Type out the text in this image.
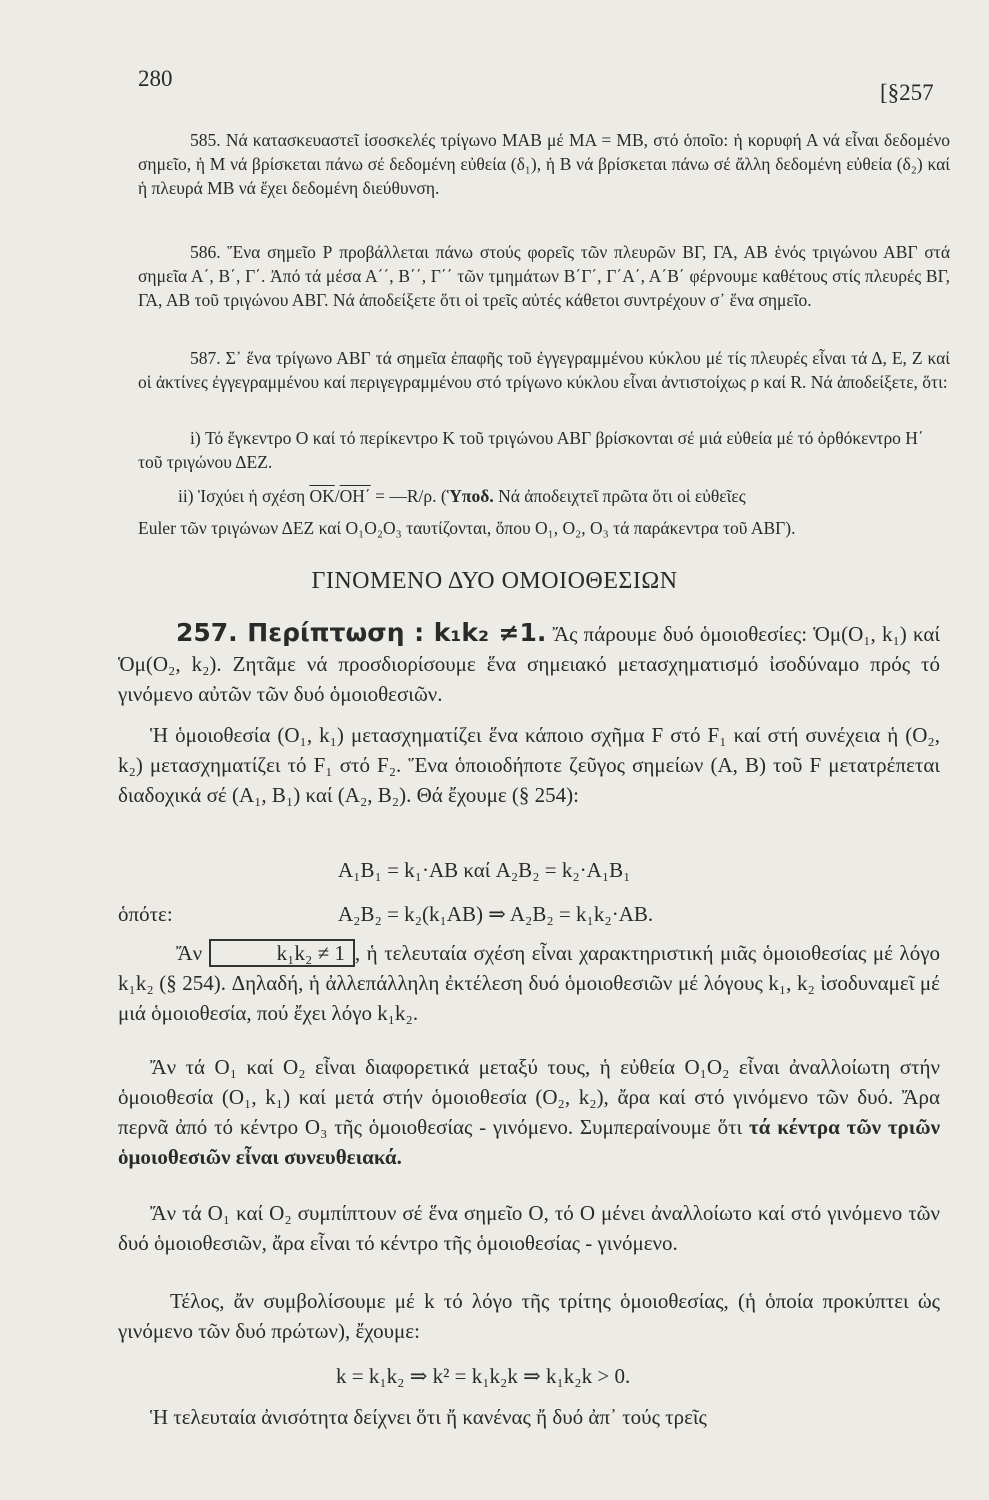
280
[§257
585. Νά κατασκευαστεῖ ἰσοσκελές τρίγωνο ΜΑΒ μέ ΜΑ = ΜΒ, στό ὁποῖο: ἡ κορυφή Α νά εἶναι δεδομένο σημεῖο, ἡ Μ νά βρίσκεται πάνω σέ δεδομένη εὐθεία (δ₁), ἡ Β νά βρίσκεται πάνω σέ ἄλλη δεδομένη εὐθεία (δ₂) καί ἡ πλευρά ΜΒ νά ἔχει δεδομένη διεύθυνση.
586. Ἕνα σημεῖο Ρ προβάλλεται πάνω στούς φορεῖς τῶν πλευρῶν ΒΓ, ΓΑ, ΑΒ ἑνός τριγώνου ΑΒΓ στά σημεῖα Α΄, Β΄, Γ΄. Ἀπό τά μέσα Α΄΄, Β΄΄, Γ΄΄ τῶν τμημάτων Β΄Γ΄, Γ΄Α΄, Α΄Β΄ φέρνουμε καθέτους στίς πλευρές ΒΓ, ΓΑ, ΑΒ τοῦ τριγώνου ΑΒΓ. Νά ἀποδείξετε ὅτι οἱ τρεῖς αὐτές κάθετοι συντρέχουν σ᾽ ἕνα σημεῖο.
587. Σ᾽ ἕνα τρίγωνο ΑΒΓ τά σημεῖα ἐπαφῆς τοῦ ἐγγεγραμμένου κύκλου μέ τίς πλευρές εἶναι τά Δ, Ε, Ζ καί οἱ ἀκτίνες ἐγγεγραμμένου καί περιγεγραμμένου στό τρίγωνο κύκλου εἶναι ἀντιστοίχως ρ καί R. Νά ἀποδείξετε, ὅτι:
i) Τό ἔγκεντρο Ο καί τό περίκεντρο Κ τοῦ τριγώνου ΑΒΓ βρίσκονται σέ μιά εὐθεία μέ τό ὀρθόκεντρο Η΄ τοῦ τριγώνου ΔΕΖ.
ii) Ἰσχύει ἡ σχέση $\overline{OK}/\overline{OH΄}$ = —R/ρ. (Ὑποδ. Νά ἀποδειχτεῖ πρῶτα ὅτι οἱ εὐθεῖες
Euler τῶν τριγώνων ΔΕΖ καί O₁O₂O₃ ταυτίζονται, ὅπου O₁, O₂, O₃ τά παράκεντρα τοῦ ΑΒΓ).
ΓΙΝΟΜΕΝΟ ΔΥΟ ΟΜΟΙΟΘΕΣΙΩΝ
257. Περίπτωση : k₁k₂ ≠1. Ἄς πάρουμε δυό ὁμοιοθεσίες: Ὁμ(Ο₁, k₁) καί Ὁμ(Ο₂, k₂). Ζητᾶμε νά προσδιορίσουμε ἕνα σημειακό μετασχηματισμό ἰσοδύναμο πρός τό γινόμενο αὐτῶν τῶν δυό ὁμοιοθεσιῶν.
Ἡ ὁμοιοθεσία (Ο₁, k₁) μετασχηματίζει ἕνα κάποιο σχῆμα F στό F₁ καί στή συνέχεια ἡ (Ο₂, k₂) μετασχηματίζει τό F₁ στό F₂. Ἕνα ὁποιοδήποτε ζεῦγος σημείων (Α, Β) τοῦ F μετατρέπεται διαδοχικά σέ (Α₁, Β₁) καί (Α₂, Β₂). Θά ἔχουμε (§ 254):
A₁B₁ = k₁·AB καί A₂B₂ = k₂·A₁B₁
ὁπότε:	A₂B₂ = k₂(k₁AB) ⇒ A₂B₂ = k₁k₂·AB.
Ἄν	k₁k₂ ≠ 1 , ἡ τελευταία σχέση εἶναι χαρακτηριστική μιᾶς ὁμοιοθεσίας μέ λόγο k₁k₂ (§ 254). Δηλαδή, ἡ ἀλλεπάλληλη ἐκτέλεση δυό ὁμοιοθεσιῶν μέ λόγους k₁, k₂ ἰσοδυναμεῖ μέ μιά ὁμοιοθεσία, πού ἔχει λόγο k₁k₂.
Ἄν τά Ο₁ καί Ο₂ εἶναι διαφορετικά μεταξύ τους, ἡ εὐθεία Ο₁Ο₂ εἶναι ἀναλλοίωτη στήν ὁμοιοθεσία (Ο₁, k₁) καί μετά στήν ὁμοιοθεσία (Ο₂, k₂), ἄρα καί στό γινόμενο τῶν δυό. Ἄρα περνᾶ ἀπό τό κέντρο Ο₃ τῆς ὁμοιοθεσίας - γινόμενο. Συμπεραίνουμε ὅτι τά κέντρα τῶν τριῶν ὁμοιοθεσιῶν εἶναι συνευθειακά.
Ἄν τά Ο₁ καί Ο₂ συμπίπτουν σέ ἕνα σημεῖο Ο, τό Ο μένει ἀναλλοίωτο καί στό γινόμενο τῶν δυό ὁμοιοθεσιῶν, ἄρα εἶναι τό κέντρο τῆς ὁμοιοθεσίας - γινόμενο.
Τέλος, ἄν συμβολίσουμε μέ k τό λόγο τῆς τρίτης ὁμοιοθεσίας, (ἡ ὁποία προκύπτει ὡς γινόμενο τῶν δυό πρώτων), ἔχουμε:
k = k₁k₂ ⇒ k² = k₁k₂k ⇒ k₁k₂k > 0.
Ἡ τελευταία ἀνισότητα δείχνει ὅτι ἤ κανένας ἤ δυό ἀπ᾽ τούς τρεῖς
